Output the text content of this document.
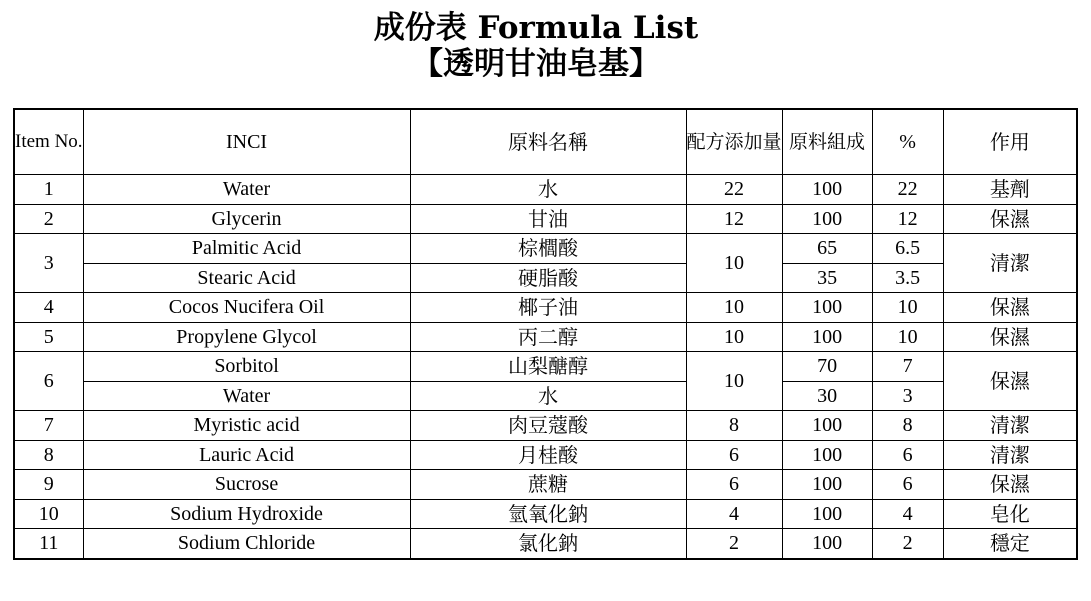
成份表 Formula List
【透明甘油皂基】
Item No.	INCI	原料名稱	配方添加量	原料組成	%	作用
1	Water	水	22	100	22	基劑
2	Glycerin	甘油	12	100	12	保濕
3	Palmitic Acid	棕櫚酸	10	65	6.5	清潔
	Stearic Acid	硬脂酸		35	3.5	
4	Cocos Nucifera Oil	椰子油	10	100	10	保濕
5	Propylene Glycol	丙二醇	10	100	10	保濕
6	Sorbitol	山梨醣醇	10	70	7	保濕
	Water	水		30	3	
7	Myristic acid	肉豆蔻酸	8	100	8	清潔
8	Lauric Acid	月桂酸	6	100	6	清潔
9	Sucrose	蔗糖	6	100	6	保濕
10	Sodium Hydroxide	氫氧化鈉	4	100	4	皂化
11	Sodium Chloride	氯化鈉	2	100	2	穩定
